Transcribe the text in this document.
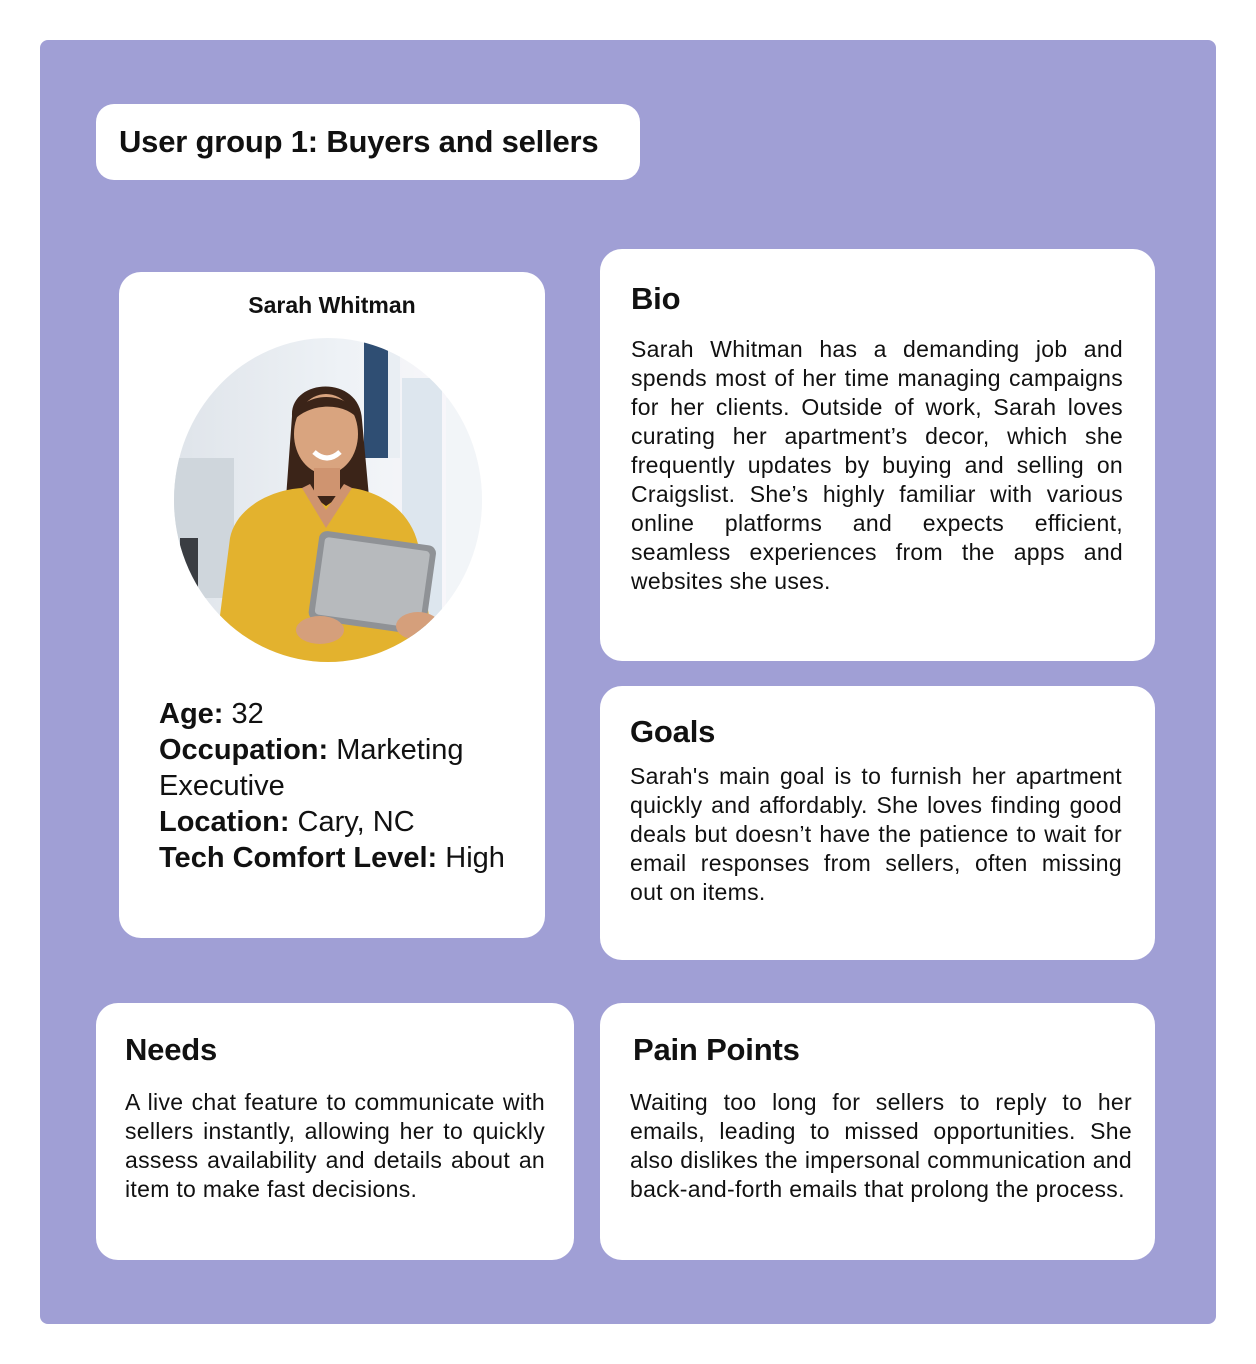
User group 1: Buyers and sellers
Sarah Whitman

Age: 32
Occupation: Marketing Executive
Location: Cary, NC
Tech Comfort Level: High

Bio

Sarah Whitman has a demanding job and spends most of her time managing campaigns for her clients. Outside of work, Sarah loves curating her apartment’s decor, which she frequently updates by buying and selling on Craigslist. She’s highly familiar with various online platforms and expects efficient, seamless experiences from the apps and websites she uses.

Goals

Sarah's main goal is to furnish her apartment quickly and affordably. She loves finding good deals but doesn’t have the patience to wait for email responses from sellers, often missing out on items.

Needs

A live chat feature to communicate with sellers instantly, allowing her to quickly assess availability and details about an item to make fast decisions.

Pain Points

Waiting too long for sellers to reply to her emails, leading to missed opportunities. She also dislikes the impersonal communication and back-and-forth emails that prolong the process.
